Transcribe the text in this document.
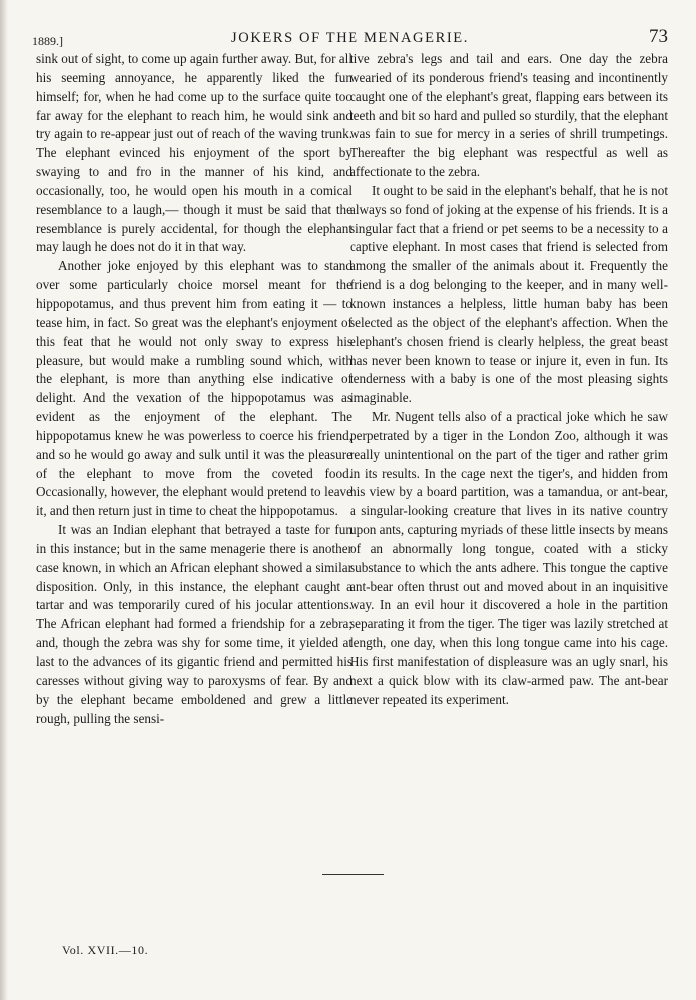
1889.]	JOKERS OF THE MENAGERIE.	73

sink out of sight, to come up again further away. But, for all his seeming annoyance, he apparently liked the fun himself; for, when he had come up to the surface quite too far away for the elephant to reach him, he would sink and try again to re-appear just out of reach of the waving trunk. The elephant evinced his enjoyment of the sport by swaying to and fro in the manner of his kind, and occasionally, too, he would open his mouth in a comical resemblance to a laugh,— though it must be said that the resemblance is purely accidental, for though the elephant may laugh he does not do it in that way.

Another joke enjoyed by this elephant was to stand over some particularly choice morsel meant for the hippopotamus, and thus prevent him from eating it — to tease him, in fact. So great was the elephant's enjoyment of this feat that he would not only sway to express his pleasure, but would make a rumbling sound which, with the elephant, is more than anything else indicative of delight. And the vexation of the hippopotamus was as evident as the enjoyment of the elephant. The hippopotamus knew he was powerless to coerce his friend, and so he would go away and sulk until it was the pleasure of the elephant to move from the coveted food. Occasionally, however, the elephant would pretend to leave it, and then return just in time to cheat the hippopotamus.

It was an Indian elephant that betrayed a taste for fun in this instance; but in the same menagerie there is another case known, in which an African elephant showed a similar disposition. Only, in this instance, the elephant caught a tartar and was temporarily cured of his jocular attentions. The African elephant had formed a friendship for a zebra; and, though the zebra was shy for some time, it yielded at last to the advances of its gigantic friend and permitted his caresses without giving way to paroxysms of fear. By and by the elephant became emboldened and grew a little rough, pulling the sensi-

tive zebra's legs and tail and ears. One day the zebra wearied of its ponderous friend's teasing and incontinently caught one of the elephant's great, flapping ears between its teeth and bit so hard and pulled so sturdily, that the elephant was fain to sue for mercy in a series of shrill trumpetings. Thereafter the big elephant was respectful as well as affectionate to the zebra.

It ought to be said in the elephant's behalf, that he is not always so fond of joking at the expense of his friends. It is a singular fact that a friend or pet seems to be a necessity to a captive elephant. In most cases that friend is selected from among the smaller of the animals about it. Frequently the friend is a dog belonging to the keeper, and in many well-known instances a helpless, little human baby has been selected as the object of the elephant's affection. When the elephant's chosen friend is clearly helpless, the great beast has never been known to tease or injure it, even in fun. Its tenderness with a baby is one of the most pleasing sights imaginable.

Mr. Nugent tells also of a practical joke which he saw perpetrated by a tiger in the London Zoo, although it was really unintentional on the part of the tiger and rather grim in its results. In the cage next the tiger's, and hidden from his view by a board partition, was a tamandua, or ant-bear, a singular-looking creature that lives in its native country upon ants, capturing myriads of these little insects by means of an abnormally long tongue, coated with a sticky substance to which the ants adhere. This tongue the captive ant-bear often thrust out and moved about in an inquisitive way. In an evil hour it discovered a hole in the partition separating it from the tiger. The tiger was lazily stretched at length, one day, when this long tongue came into his cage. His first manifestation of displeasure was an ugly snarl, his next a quick blow with its claw-armed paw. The ant-bear never repeated its experiment.

Vol. XVII.—10.
